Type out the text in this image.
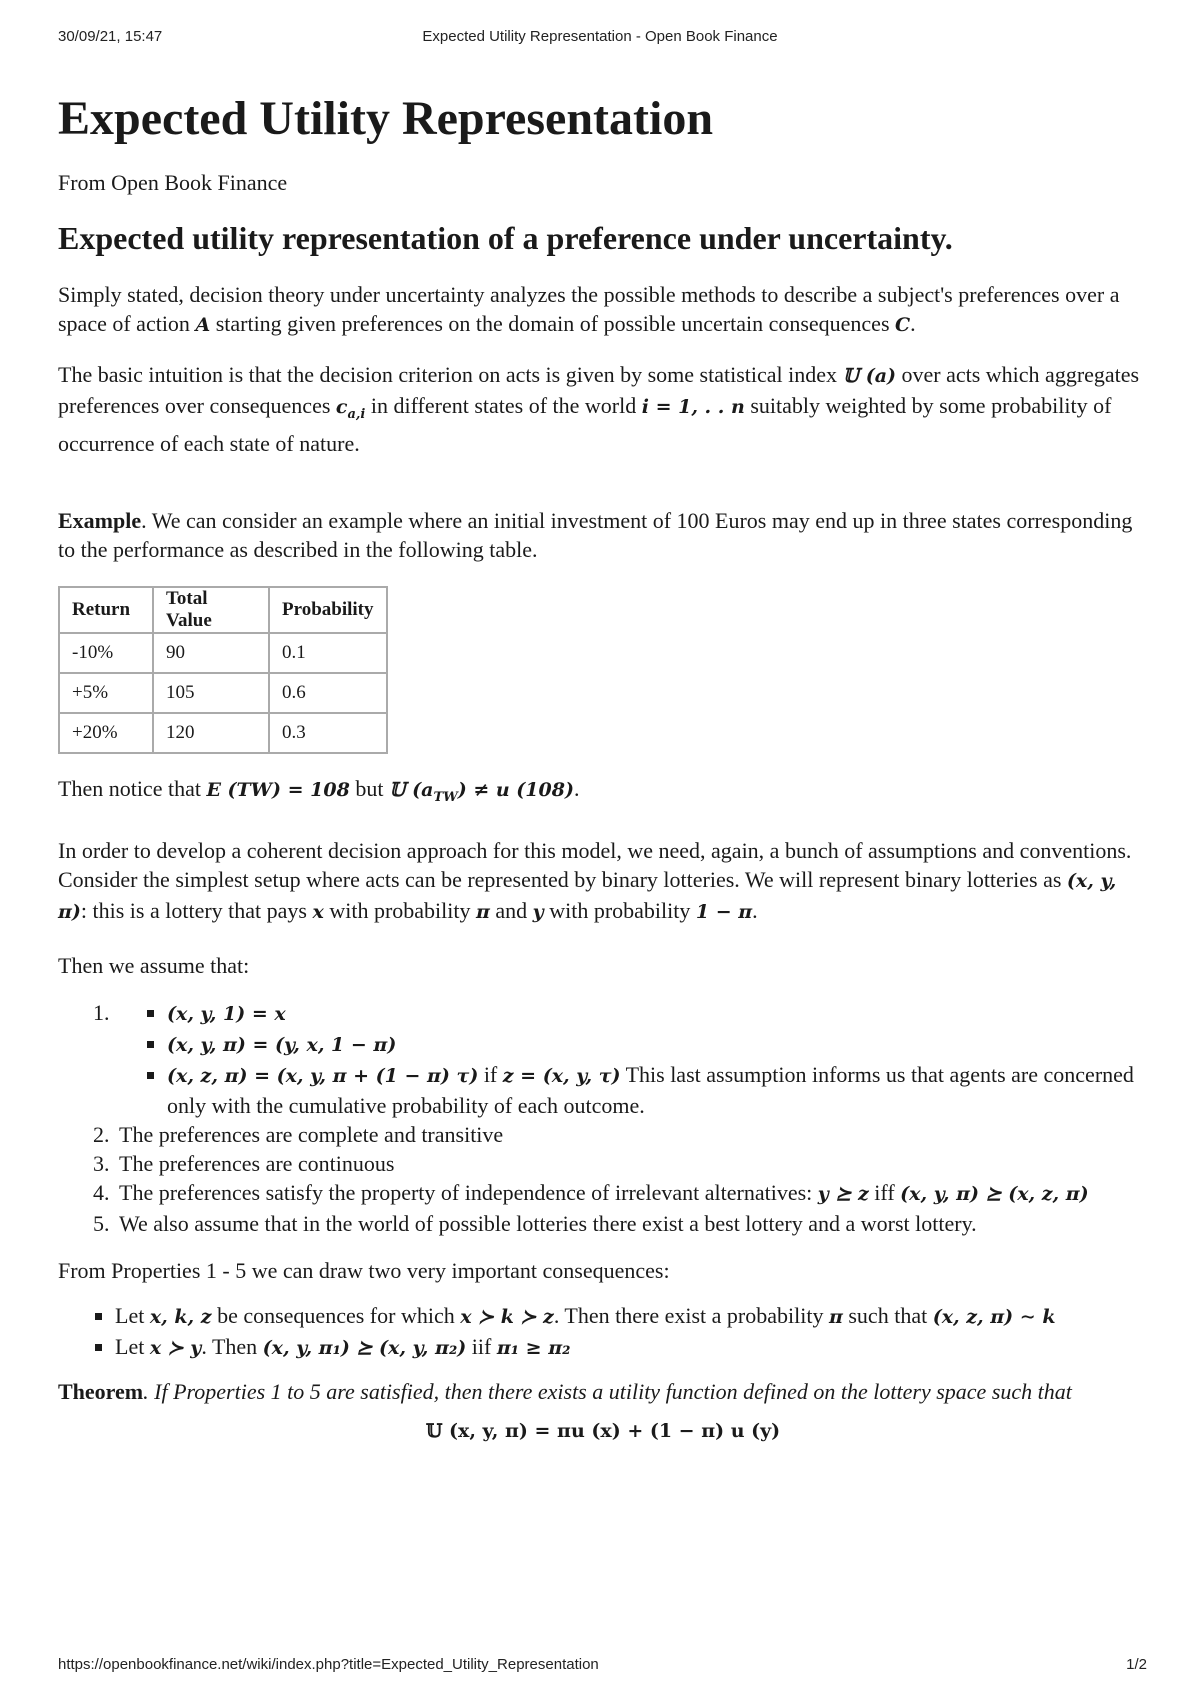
30/09/21, 15:47	Expected Utility Representation - Open Book Finance
Expected Utility Representation
From Open Book Finance
Expected utility representation of a preference under uncertainty.

Simply stated, decision theory under uncertainty analyzes the possible methods to describe a subject's preferences over a space of action A starting given preferences on the domain of possible uncertain consequences C.

The basic intuition is that the decision criterion on acts is given by some statistical index 𝕌 (a) over acts which aggregates preferences over consequences $c_{a,i}$ in different states of the world i = 1, . . n suitably weighted by some probability of occurrence of each state of nature.

Example. We can consider an example where an initial investment of 100 Euros may end up in three states corresponding to the performance as described in the following table.

Return	Total Value	Probability
-10%	90	0.1
+5%	105	0.6
+20%	120	0.3

Then notice that E (TW) = 108 but 𝕌 $(a_{TW}) \ne u$ (108).

In order to develop a coherent decision approach for this model, we need, again, a bunch of assumptions and conventions. Consider the simplest setup where acts can be represented by binary lotteries. We will represent binary lotteries as (x, y, π): this is a lottery that pays x with probability π and y with probability 1 − π.

Then we assume that:

▪ 1. (x, y, 1) = x
▪ (x, y, π) = (y, x, 1 − π)
▪ (x, z, π) = (x, y, π + (1 − π) τ) if z = (x, y, τ) This last assumption informs us that agents are concerned only with the cumulative probability of each outcome.
2. The preferences are complete and transitive
3. The preferences are continuous
4. The preferences satisfy the property of independence of irrelevant alternatives: y ⪰ z iff (x, y, π) ⪰ (x, z, π)
5. We also assume that in the world of possible lotteries there exist a best lottery and a worst lottery.

From Properties 1 - 5 we can draw two very important consequences:

▪ Let x, k, z be consequences for which x ≻ k ≻ z. Then there exist a probability π such that (x, z, π) ∼ k
▪ Let x ≻ y. Then (x, y, π₁) ⪰ (x, y, π₂) iif π₁ ≥ π₂

Theorem. If Properties 1 to 5 are satisfied, then there exists a utility function defined on the lottery space such that

𝕌 (x, y, π) = πu (x) + (1 − π) u (y)
https://openbookfinance.net/wiki/index.php?title=Expected_Utility_Representation	1/2
